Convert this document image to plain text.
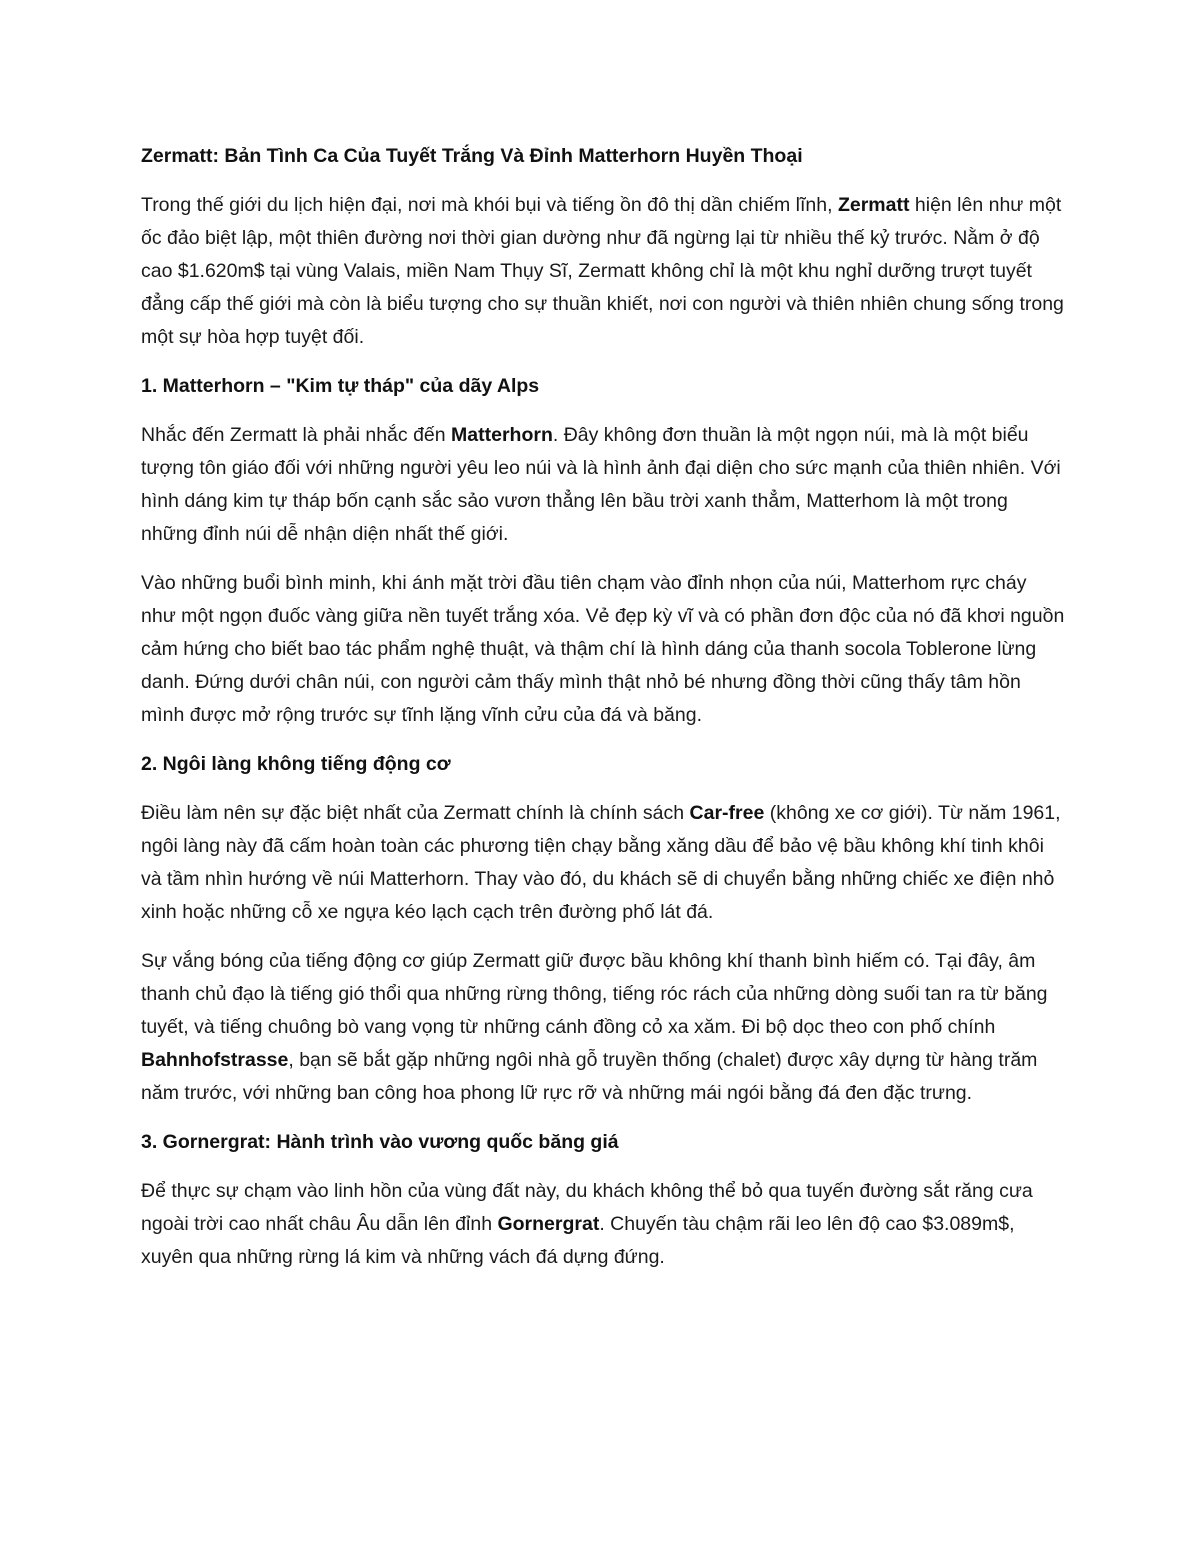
Zermatt: Bản Tình Ca Của Tuyết Trắng Và Đỉnh Matterhorn Huyền Thoại

Trong thế giới du lịch hiện đại, nơi mà khói bụi và tiếng ồn đô thị dần chiếm lĩnh, Zermatt hiện lên như một ốc đảo biệt lập, một thiên đường nơi thời gian dường như đã ngừng lại từ nhiều thế kỷ trước. Nằm ở độ cao $1.620m$ tại vùng Valais, miền Nam Thụy Sĩ, Zermatt không chỉ là một khu nghỉ dưỡng trượt tuyết đẳng cấp thế giới mà còn là biểu tượng cho sự thuần khiết, nơi con người và thiên nhiên chung sống trong một sự hòa hợp tuyệt đối.

1. Matterhorn – "Kim tự tháp" của dãy Alps

Nhắc đến Zermatt là phải nhắc đến Matterhorn. Đây không đơn thuần là một ngọn núi, mà là một biểu tượng tôn giáo đối với những người yêu leo núi và là hình ảnh đại diện cho sức mạnh của thiên nhiên. Với hình dáng kim tự tháp bốn cạnh sắc sảo vươn thẳng lên bầu trời xanh thẳm, Matterhom là một trong những đỉnh núi dễ nhận diện nhất thế giới.

Vào những buổi bình minh, khi ánh mặt trời đầu tiên chạm vào đỉnh nhọn của núi, Matterhom rực cháy như một ngọn đuốc vàng giữa nền tuyết trắng xóa. Vẻ đẹp kỳ vĩ và có phần đơn độc của nó đã khơi nguồn cảm hứng cho biết bao tác phẩm nghệ thuật, và thậm chí là hình dáng của thanh socola Toblerone lừng danh. Đứng dưới chân núi, con người cảm thấy mình thật nhỏ bé nhưng đồng thời cũng thấy tâm hồn mình được mở rộng trước sự tĩnh lặng vĩnh cửu của đá và băng.

2. Ngôi làng không tiếng động cơ

Điều làm nên sự đặc biệt nhất của Zermatt chính là chính sách Car-free (không xe cơ giới). Từ năm 1961, ngôi làng này đã cấm hoàn toàn các phương tiện chạy bằng xăng dầu để bảo vệ bầu không khí tinh khôi và tầm nhìn hướng về núi Matterhorn. Thay vào đó, du khách sẽ di chuyển bằng những chiếc xe điện nhỏ xinh hoặc những cỗ xe ngựa kéo lạch cạch trên đường phố lát đá.

Sự vắng bóng của tiếng động cơ giúp Zermatt giữ được bầu không khí thanh bình hiếm có. Tại đây, âm thanh chủ đạo là tiếng gió thổi qua những rừng thông, tiếng róc rách của những dòng suối tan ra từ băng tuyết, và tiếng chuông bò vang vọng từ những cánh đồng cỏ xa xăm. Đi bộ dọc theo con phố chính Bahnhofstrasse, bạn sẽ bắt gặp những ngôi nhà gỗ truyền thống (chalet) được xây dựng từ hàng trăm năm trước, với những ban công hoa phong lữ rực rỡ và những mái ngói bằng đá đen đặc trưng.

3. Gornergrat: Hành trình vào vương quốc băng giá

Để thực sự chạm vào linh hồn của vùng đất này, du khách không thể bỏ qua tuyến đường sắt răng cưa ngoài trời cao nhất châu Âu dẫn lên đỉnh Gornergrat. Chuyến tàu chậm rãi leo lên độ cao $3.089m$, xuyên qua những rừng lá kim và những vách đá dựng đứng.
